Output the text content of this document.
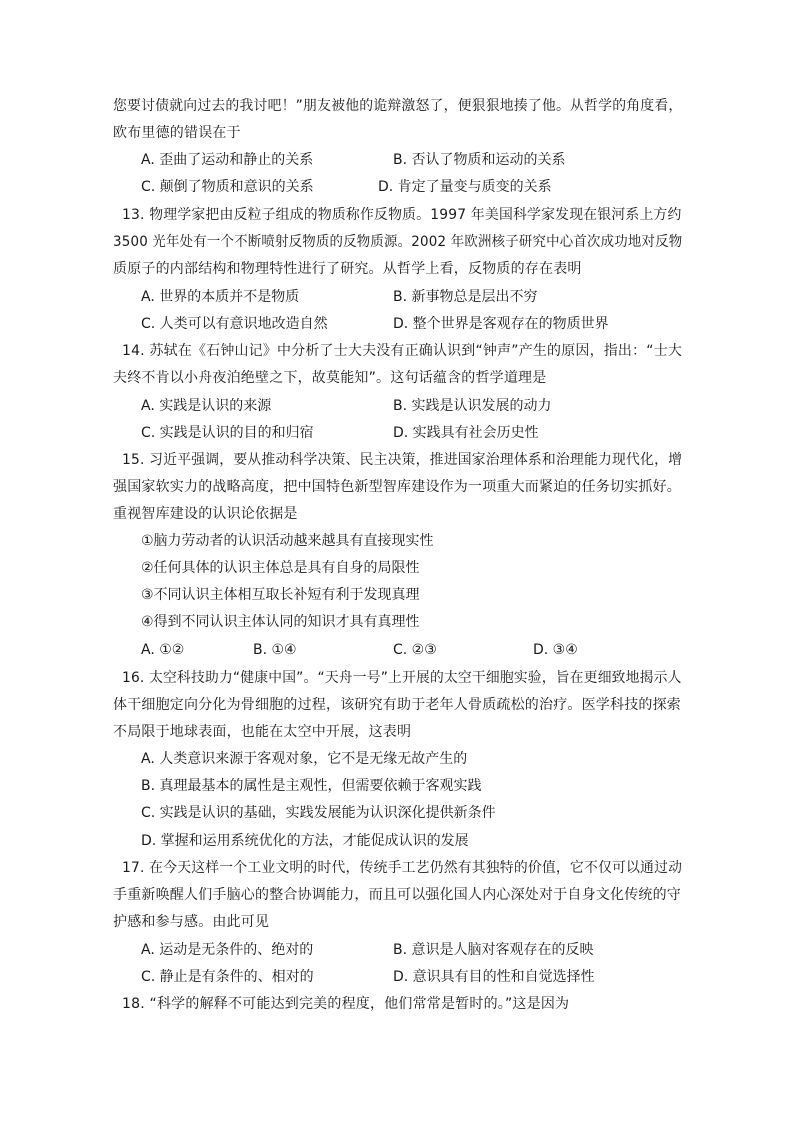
您要讨债就向过去的我讨吧！”朋友被他的诡辩激怒了，便狠狠地揍了他。从哲学的角度看，
欧布里德的错误在于
A. 歪曲了运动和静止的关系	B. 否认了物质和运动的关系
C. 颠倒了物质和意识的关系	D. 肯定了量变与质变的关系
13. 物理学家把由反粒子组成的物质称作反物质。1997 年美国科学家发现在银河系上方约
3500 光年处有一个不断喷射反物质的反物质源。2002 年欧洲核子研究中心首次成功地对反物
质原子的内部结构和物理特性进行了研究。从哲学上看，反物质的存在表明
A. 世界的本质并不是物质	B. 新事物总是层出不穷
C. 人类可以有意识地改造自然	D. 整个世界是客观存在的物质世界
14. 苏轼在《石钟山记》中分析了士大夫没有正确认识到“钟声”产生的原因，指出：“士大
夫终不肯以小舟夜泊绝壁之下，故莫能知”。这句话蕴含的哲学道理是
A. 实践是认识的来源	B. 实践是认识发展的动力
C. 实践是认识的目的和归宿	D. 实践具有社会历史性
15. 习近平强调，要从推动科学决策、民主决策，推进国家治理体系和治理能力现代化，增
强国家软实力的战略高度，把中国特色新型智库建设作为一项重大而紧迫的任务切实抓好。
重视智库建设的认识论依据是
①脑力劳动者的认识活动越来越具有直接现实性
②任何具体的认识主体总是具有自身的局限性
③不同认识主体相互取长补短有利于发现真理
④得到不同认识主体认同的知识才具有真理性
A. ①②	B. ①④	C. ②③	D. ③④
16. 太空科技助力“健康中国”。“天舟一号”上开展的太空干细胞实验，旨在更细致地揭示人
体干细胞定向分化为骨细胞的过程，该研究有助于老年人骨质疏松的治疗。医学科技的探索
不局限于地球表面，也能在太空中开展，这表明
A. 人类意识来源于客观对象，它不是无缘无故产生的
B. 真理最基本的属性是主观性，但需要依赖于客观实践
C. 实践是认识的基础，实践发展能为认识深化提供新条件
D. 掌握和运用系统优化的方法，才能促成认识的发展
17. 在今天这样一个工业文明的时代，传统手工艺仍然有其独特的价值，它不仅可以通过动
手重新唤醒人们手脑心的整合协调能力，而且可以强化国人内心深处对于自身文化传统的守
护感和参与感。由此可见
A. 运动是无条件的、绝对的	B. 意识是人脑对客观存在的反映
C. 静止是有条件的、相对的	D. 意识具有目的性和自觉选择性
18. “科学的解释不可能达到完美的程度，他们常常是暂时的。”这是因为
